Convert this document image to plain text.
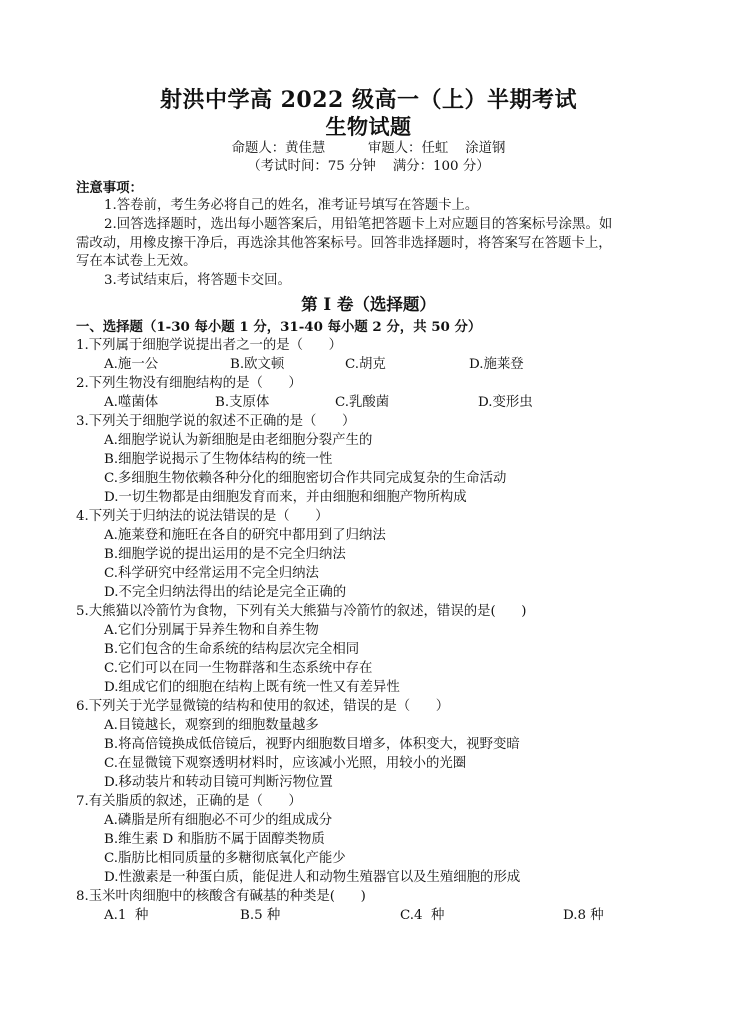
射洪中学高 2022 级高一（上）半期考试
生物试题
命题人：黄佳慧          审题人：任虹    涂道钢
（考试时间：75 分钟    满分：100 分）
注意事项：
1.答卷前，考生务必将自己的姓名，准考证号填写在答题卡上。
2.回答选择题时，选出每小题答案后，用铅笔把答题卡上对应题目的答案标号涂黑。如
需改动，用橡皮擦干净后，再选涂其他答案标号。回答非选择题时，将答案写在答题卡上，
写在本试卷上无效。
3.考试结束后，将答题卡交回。
第 I 卷（选择题）
一、选择题（1-30 每小题 1 分，31-40 每小题 2 分，共 50 分）
1.下列属于细胞学说提出者之一的是（      ）
A.施一公	B.欧文顿	C.胡克	D.施莱登
2.下列生物没有细胞结构的是（      ）
A.噬菌体	B.支原体	C.乳酸菌	D.变形虫
3.下列关于细胞学说的叙述不正确的是（      ）
A.细胞学说认为新细胞是由老细胞分裂产生的
B.细胞学说揭示了生物体结构的统一性
C.多细胞生物依赖各种分化的细胞密切合作共同完成复杂的生命活动
D.一切生物都是由细胞发育而来，并由细胞和细胞产物所构成
4.下列关于归纳法的说法错误的是（      ）
A.施莱登和施旺在各自的研究中都用到了归纳法
B.细胞学说的提出运用的是不完全归纳法
C.科学研究中经常运用不完全归纳法
D.不完全归纳法得出的结论是完全正确的
5.大熊猫以冷箭竹为食物，下列有关大熊猫与冷箭竹的叙述，错误的是(      )
A.它们分别属于异养生物和自养生物
B.它们包含的生命系统的结构层次完全相同
C.它们可以在同一生物群落和生态系统中存在
D.组成它们的细胞在结构上既有统一性又有差异性
6.下列关于光学显微镜的结构和使用的叙述，错误的是（      ）
A.目镜越长，观察到的细胞数量越多
B.将高倍镜换成低倍镜后，视野内细胞数目增多，体积变大，视野变暗
C.在显微镜下观察透明材料时，应该减小光照，用较小的光圈
D.移动装片和转动目镜可判断污物位置
7.有关脂质的叙述，正确的是（      ）
A.磷脂是所有细胞必不可少的组成成分
B.维生素 D 和脂肪不属于固醇类物质
C.脂肪比相同质量的多糖彻底氧化产能少
D.性激素是一种蛋白质，能促进人和动物生殖器官以及生殖细胞的形成
8.玉米叶肉细胞中的核酸含有碱基的种类是(      )
A.1  种	B.5 种	C.4  种	D.8 种
